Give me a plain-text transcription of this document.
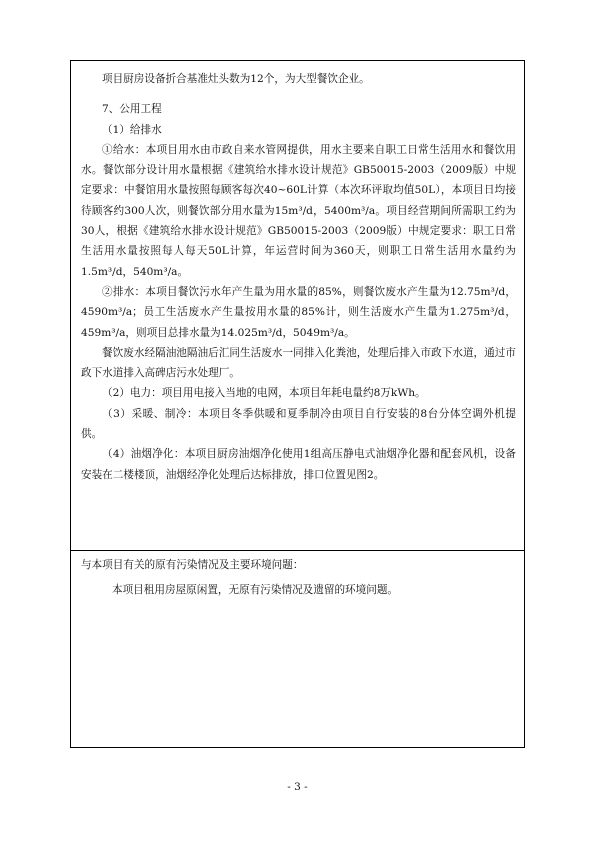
项目厨房设备折合基准灶头数为12个，为大型餐饮企业。

7、公用工程

（1）给排水

①给水：本项目用水由市政自来水管网提供，用水主要来自职工日常生活用水和餐饮用水。餐饮部分设计用水量根据《建筑给水排水设计规范》GB50015-2003（2009版）中规定要求：中餐馆用水量按照每顾客每次40~60L计算（本次环评取均值50L），本项目日均接待顾客约300人次，则餐饮部分用水量为15m³/d，5400m³/a。项目经营期间所需职工约为30人，根据《建筑给水排水设计规范》GB50015-2003（2009版）中规定要求：职工日常生活用水量按照每人每天50L计算，年运营时间为360天，则职工日常生活用水量约为1.5m³/d，540m³/a。

②排水：本项目餐饮污水年产生量为用水量的85%，则餐饮废水产生量为12.75m³/d，4590m³/a；员工生活废水产生量按用水量的85%计，则生活废水产生量为1.275m³/d，459m³/a，则项目总排水量为14.025m³/d，5049m³/a。

餐饮废水经隔油池隔油后汇同生活废水一同排入化粪池，处理后排入市政下水道，通过市政下水道排入高碑店污水处理厂。

（2）电力：项目用电接入当地的电网，本项目年耗电量约8万kWh。

（3）采暖、制冷：本项目冬季供暖和夏季制冷由项目自行安装的8台分体空调外机提供。

（4）油烟净化：本项目厨房油烟净化使用1组高压静电式油烟净化器和配套风机，设备安装在二楼楼顶，油烟经净化处理后达标排放，排口位置见图2。

与本项目有关的原有污染情况及主要环境问题：

本项目租用房屋原闲置，无原有污染情况及遗留的环境问题。

- 3 -
